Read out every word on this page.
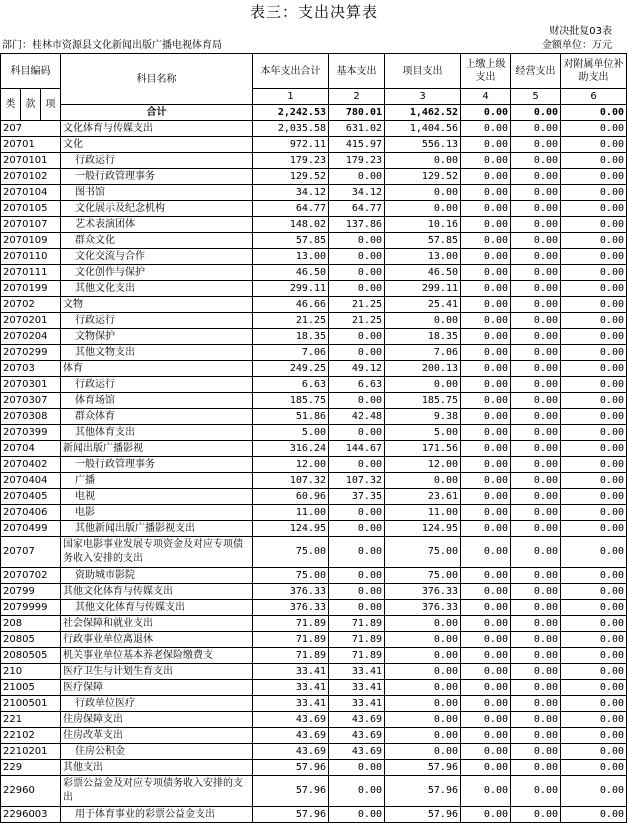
表三：支出决算表
财决批复03表
部门：桂林市资源县文化新闻出版广播电视体育局	金额单位：万元
科目编码			科目名称	本年支出合计	基本支出	项目支出	上缴上级支出	经营支出	对附属单位补助支出
类	款	项		1	2	3	4	5	6
			合计	2,242.53	780.01	1,462.52	0.00	0.00	0.00
207			文化体育与传媒支出	2,035.58	631.02	1,404.56	0.00	0.00	0.00
20701			文化	972.11	415.97	556.13	0.00	0.00	0.00
2070101			行政运行	179.23	179.23	0.00	0.00	0.00	0.00
2070102			一般行政管理事务	129.52	0.00	129.52	0.00	0.00	0.00
2070104			图书馆	34.12	34.12	0.00	0.00	0.00	0.00
2070105			文化展示及纪念机构	64.77	64.77	0.00	0.00	0.00	0.00
2070107			艺术表演团体	148.02	137.86	10.16	0.00	0.00	0.00
2070109			群众文化	57.85	0.00	57.85	0.00	0.00	0.00
2070110			文化交流与合作	13.00	0.00	13.00	0.00	0.00	0.00
2070111			文化创作与保护	46.50	0.00	46.50	0.00	0.00	0.00
2070199			其他文化支出	299.11	0.00	299.11	0.00	0.00	0.00
20702			文物	46.66	21.25	25.41	0.00	0.00	0.00
2070201			行政运行	21.25	21.25	0.00	0.00	0.00	0.00
2070204			文物保护	18.35	0.00	18.35	0.00	0.00	0.00
2070299			其他文物支出	7.06	0.00	7.06	0.00	0.00	0.00
20703			体育	249.25	49.12	200.13	0.00	0.00	0.00
2070301			行政运行	6.63	6.63	0.00	0.00	0.00	0.00
2070307			体育场馆	185.75	0.00	185.75	0.00	0.00	0.00
2070308			群众体育	51.86	42.48	9.38	0.00	0.00	0.00
2070399			其他体育支出	5.00	0.00	5.00	0.00	0.00	0.00
20704			新闻出版广播影视	316.24	144.67	171.56	0.00	0.00	0.00
2070402			一般行政管理事务	12.00	0.00	12.00	0.00	0.00	0.00
2070404			广播	107.32	107.32	0.00	0.00	0.00	0.00
2070405			电视	60.96	37.35	23.61	0.00	0.00	0.00
2070406			电影	11.00	0.00	11.00	0.00	0.00	0.00
2070499			其他新闻出版广播影视支出	124.95	0.00	124.95	0.00	0.00	0.00
20707			国家电影事业发展专项资金及对应专项债务收入安排的支出	75.00	0.00	75.00	0.00	0.00	0.00
2070702			资助城市影院	75.00	0.00	75.00	0.00	0.00	0.00
20799			其他文化体育与传媒支出	376.33	0.00	376.33	0.00	0.00	0.00
2079999			其他文化体育与传媒支出	376.33	0.00	376.33	0.00	0.00	0.00
208			社会保障和就业支出	71.89	71.89	0.00	0.00	0.00	0.00
20805			行政事业单位离退休	71.89	71.89	0.00	0.00	0.00	0.00
2080505			机关事业单位基本养老保险缴费支	71.89	71.89	0.00	0.00	0.00	0.00
210			医疗卫生与计划生育支出	33.41	33.41	0.00	0.00	0.00	0.00
21005			医疗保障	33.41	33.41	0.00	0.00	0.00	0.00
2100501			行政单位医疗	33.41	33.41	0.00	0.00	0.00	0.00
221			住房保障支出	43.69	43.69	0.00	0.00	0.00	0.00
22102			住房改革支出	43.69	43.69	0.00	0.00	0.00	0.00
2210201			住房公积金	43.69	43.69	0.00	0.00	0.00	0.00
229			其他支出	57.96	0.00	57.96	0.00	0.00	0.00
22960			彩票公益金及对应专项债务收入安排的支出	57.96	0.00	57.96	0.00	0.00	0.00
2296003			用于体育事业的彩票公益金支出	57.96	0.00	57.96	0.00	0.00	0.00
